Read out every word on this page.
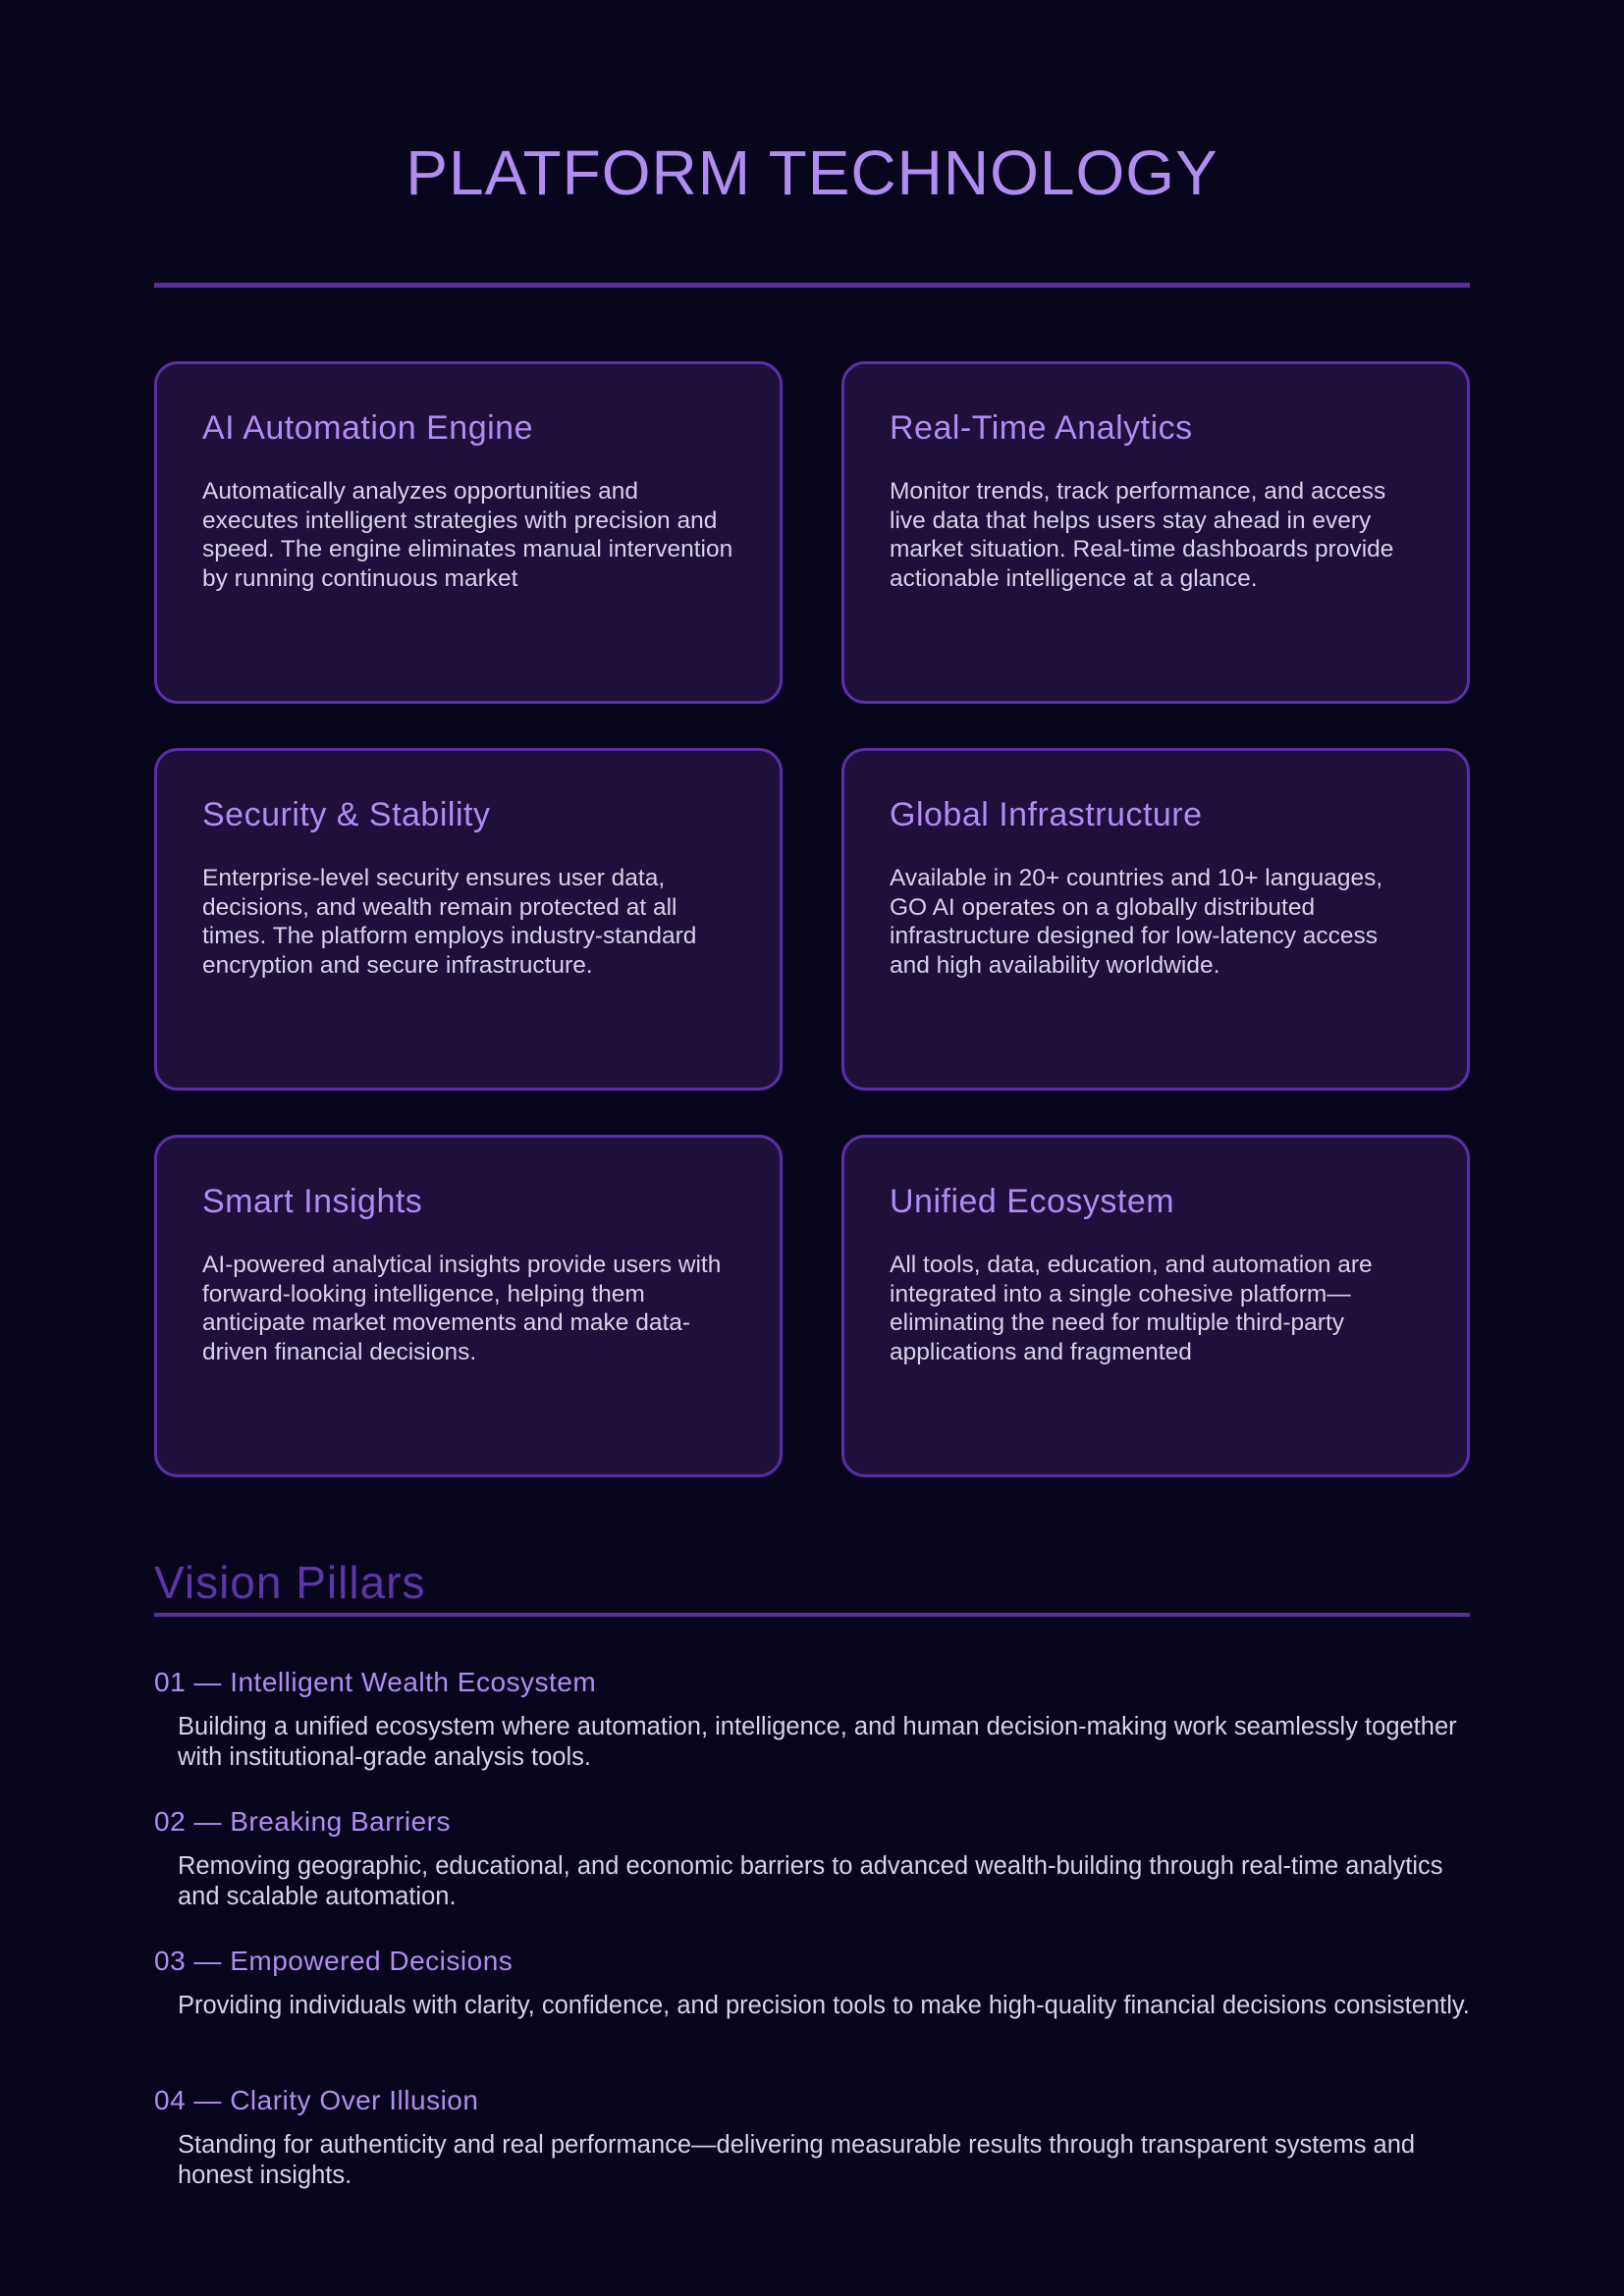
PLATFORM TECHNOLOGY
AI Automation Engine

Automatically analyzes opportunities and executes intelligent strategies with precision and speed. The engine eliminates manual intervention by running continuous market

Real-Time Analytics

Monitor trends, track performance, and access live data that helps users stay ahead in every market situation. Real-time dashboards provide actionable intelligence at a glance.

Security & Stability

Enterprise-level security ensures user data, decisions, and wealth remain protected at all times. The platform employs industry-standard encryption and secure infrastructure.

Global Infrastructure

Available in 20+ countries and 10+ languages, GO AI operates on a globally distributed infrastructure designed for low-latency access and high availability worldwide.

Smart Insights

AI-powered analytical insights provide users with forward-looking intelligence, helping them anticipate market movements and make data-driven financial decisions.

Unified Ecosystem

All tools, data, education, and automation are integrated into a single cohesive platform—eliminating the need for multiple third-party applications and fragmented

Vision Pillars
01 — Intelligent Wealth Ecosystem

Building a unified ecosystem where automation, intelligence, and human decision-making work seamlessly together with institutional-grade analysis tools.

02 — Breaking Barriers

Removing geographic, educational, and economic barriers to advanced wealth-building through real-time analytics and scalable automation.

03 — Empowered Decisions

Providing individuals with clarity, confidence, and precision tools to make high-quality financial decisions consistently.

04 — Clarity Over Illusion

Standing for authenticity and real performance—delivering measurable results through transparent systems and honest insights.
